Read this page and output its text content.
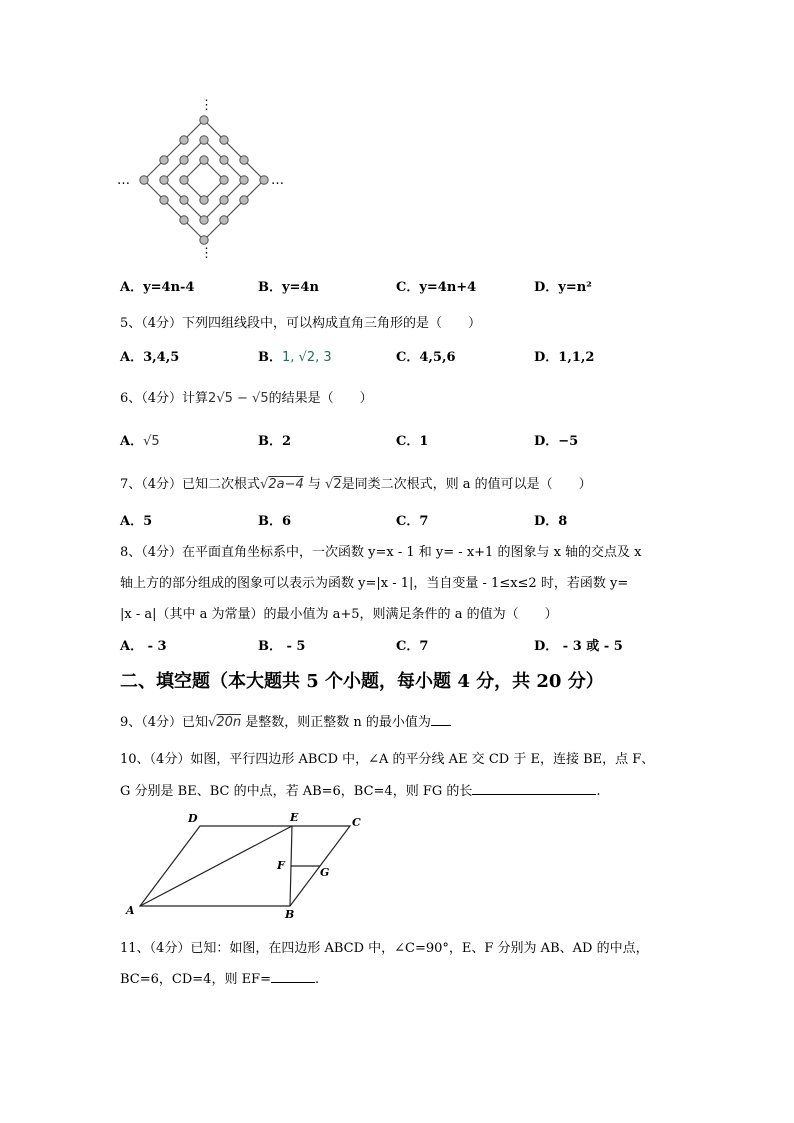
⋮
⋮
…	…
A．y=4n-4	B．y=4n	C．y=4n+4	D．y=n²
5、（4分）下列四组线段中，可以构成直角三角形的是（　　）
A．3,4,5	B．1, √2, 3	C．4,5,6	D．1,1,2
6、（4分）计算2√5 − √5的结果是（　　）
A．√5	B．2	C．1	D．−5
7、（4分）已知二次根式√2a−4 与 √2是同类二次根式，则 a 的值可以是（　　）
A．5	B．6	C．7	D．8
8、（4分）在平面直角坐标系中，一次函数 y=x - 1 和 y= - x+1 的图象与 x 轴的交点及 x
轴上方的部分组成的图象可以表示为函数 y=|x - 1|，当自变量 - 1≤x≤2 时，若函数 y=
|x - a|（其中 a 为常量）的最小值为 a+5，则满足条件的 a 的值为（　　）
A． - 3	B． - 5	C．7	D． - 3 或 - 5
二、填空题（本大题共 5 个小题，每小题 4 分，共 20 分）
9、（4分）已知√20n 是整数，则正整数 n 的最小值为
10、（4分）如图，平行四边形 ABCD 中，∠A 的平分线 AE 交 CD 于 E，连接 BE，点 F、
G 分别是 BE、BC 的中点，若 AB=6，BC=4，则 FG 的长	.
A	B
C
D	E
F
G
11、（4分）已知：如图，在四边形 ABCD 中，∠C=90°，E、F 分别为 AB、AD 的中点，
BC=6，CD=4，则 EF=	.
